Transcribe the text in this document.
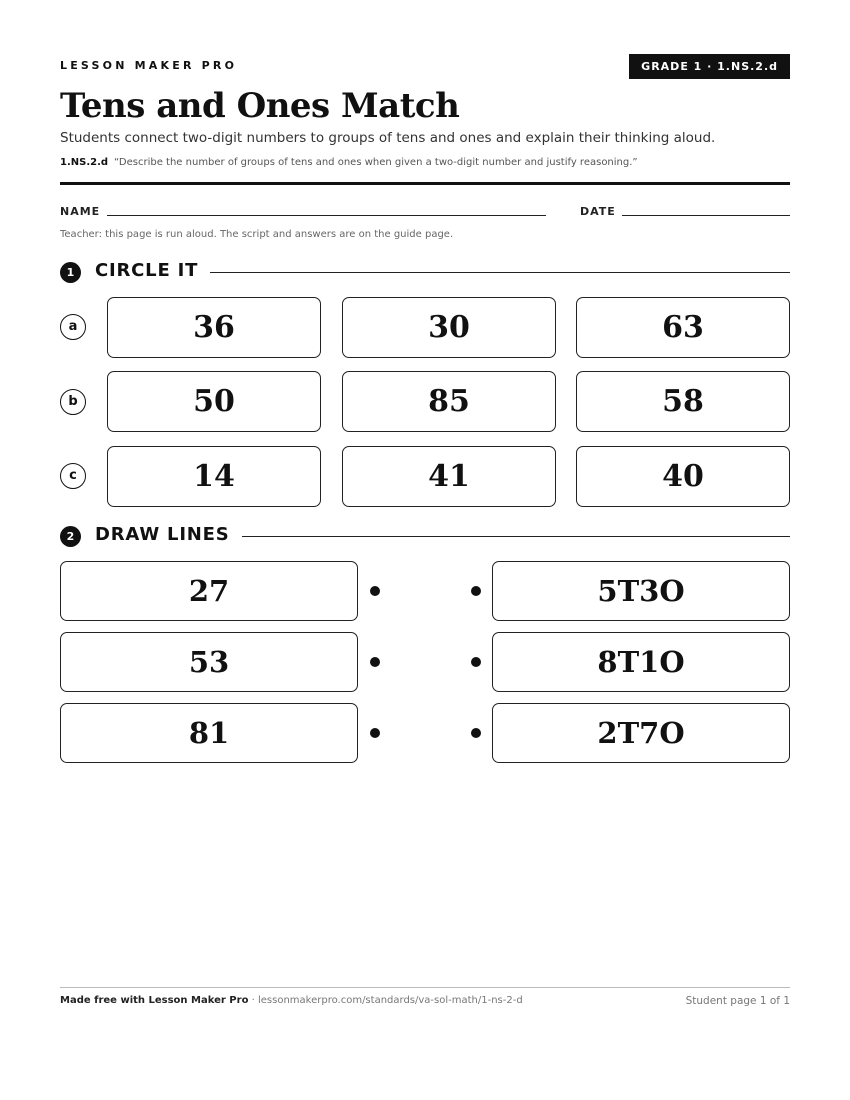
LESSON MAKER PRO	GRADE 1 · 1.NS.2.d
Tens and Ones Match
Students connect two-digit numbers to groups of tens and ones and explain their thinking aloud.
1.NS.2.d “Describe the number of groups of tens and ones when given a two-digit number and justify reasoning.”
NAME	DATE
Teacher: this page is run aloud. The script and answers are on the guide page.
1	CIRCLE IT
a	36	30	63
b	50	85	58
c	14	41	40
2	DRAW LINES
27	5T3O
53	8T1O
81	2T7O
Made free with Lesson Maker Pro · lessonmakerpro.com/standards/va-sol-math/1-ns-2-d	Student page 1 of 1
